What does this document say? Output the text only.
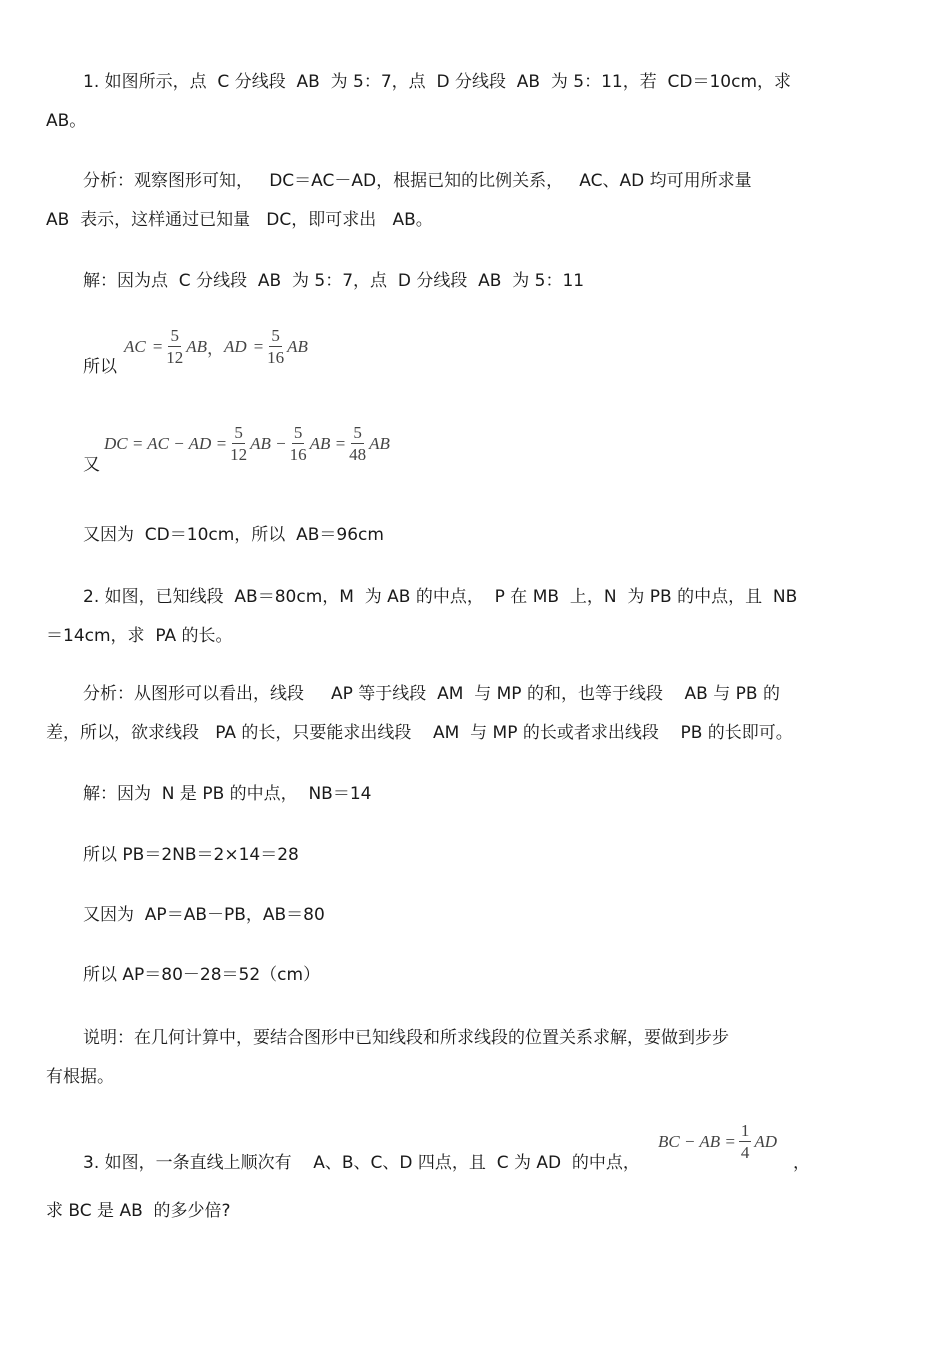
1. 如图所示，点  C 分线段  AB  为 5：7，点  D 分线段  AB  为 5：11，若  CD＝10cm，求
AB。
分析：观察图形可知，   DC＝AC－AD，根据已知的比例关系，   AC、AD 均可用所求量
AB  表示，这样通过已知量   DC，即可求出   AB。
解：因为点  C 分线段  AB  为 5：7，点  D 分线段  AB  为 5：11
所以
AC = $\frac{5}{12}$ AB ， AD = $\frac{5}{16}$ AB
又
DC = AC − AD = $\frac{5}{12}$ AB − $\frac{5}{16}$ AB = $\frac{5}{48}$ AB
又因为  CD＝10cm，所以  AB＝96cm
2. 如图，已知线段  AB＝80cm，M  为 AB 的中点，  P 在 MB  上，N  为 PB 的中点，且  NB
＝14cm，求  PA 的长。
分析：从图形可以看出，线段     AP 等于线段  AM  与 MP 的和，也等于线段    AB 与 PB 的
差，所以，欲求线段   PA 的长，只要能求出线段    AM  与 MP 的长或者求出线段    PB 的长即可。
解：因为  N 是 PB 的中点，  NB＝14
所以 PB＝2NB＝2×14＝28
又因为  AP＝AB－PB，AB＝80
所以 AP＝80－28＝52（cm）
说明：在几何计算中，要结合图形中已知线段和所求线段的位置关系求解，要做到步步
有根据。
3. 如图，一条直线上顺次有    A、B、C、D 四点，且  C 为 AD  的中点，
BC − AB = $\frac{1}{4}$ AD
，
求 BC 是 AB  的多少倍?
